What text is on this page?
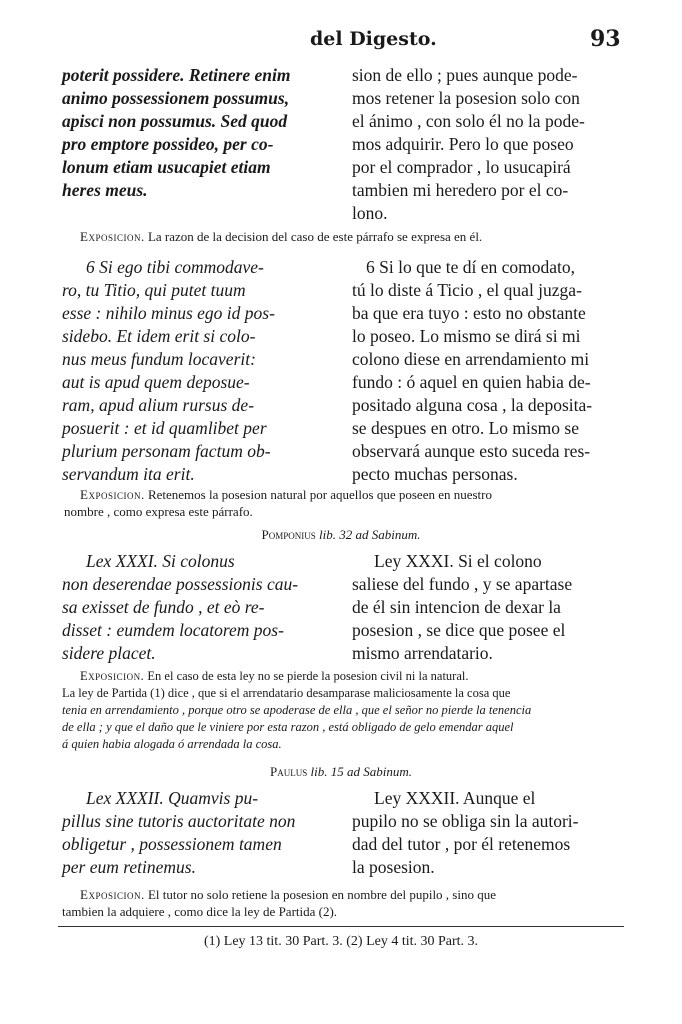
del Digesto.	93

poterit possidere. Retinere enim

animo possessionem possumus,

apisci non possumus. Sed quod

pro emptore possideo, per co-

lonum etiam usucapiet etiam

heres meus.

sion de ello ; pues aunque pode-

mos retener la posesion solo con

el ánimo , con solo él no la pode-

mos adquirir. Pero lo que poseo

por el comprador , lo usucapirá

tambien mi heredero por el co-

lono.

Exposicion. La razon de la decision del caso de este párrafo se expresa en él.

6 Si ego tibi commodave-

ro, tu Titio, qui putet tuum

esse : nihilo minus ego id pos-

sidebo. Et idem erit si colo-

nus meus fundum locaverit:

aut is apud quem deposue-

ram, apud alium rursus de-

posuerit : et id quamlibet per

plurium personam factum ob-

servandum ita erit.

6 Si lo que te dí en comodato,

tú lo diste á Ticio , el qual juzga-

ba que era tuyo : esto no obstante

lo poseo. Lo mismo se dirá si mi

colono diese en arrendamiento mi

fundo : ó aquel en quien habia de-

positado alguna cosa , la deposita-

se despues en otro. Lo mismo se

observará aunque esto suceda res-

pecto muchas personas.

Exposicion. Retenemos la posesion natural por aquellos que poseen en nuestro
nombre , como expresa este párrafo.
Pomponius lib. 32 ad Sabinum.

Lex XXXI. Si colonus

non deserendae possessionis cau-

sa exisset de fundo , et eò re-

disset : eumdem locatorem pos-

sidere placet.

Ley XXXI. Si el colono

saliese del fundo , y se apartase

de él sin intencion de dexar la

posesion , se dice que posee el

mismo arrendatario.

Exposicion. En el caso de esta ley no se pierde la posesion civil ni la natural.
La ley de Partida (1) dice , que si el arrendatario desamparase maliciosamente la cosa que
tenia en arrendamiento , porque otro se apoderase de ella , que el señor no pierde la tenencia
de ella ; y que el daño que le viniere por esta razon , está obligado de gelo emendar aquel
á quien habia alogada ó arrendada la cosa.
Paulus lib. 15 ad Sabinum.

Lex XXXII. Quamvis pu-

pillus sine tutoris auctoritate non

obligetur , possessionem tamen

per eum retinemus.

Ley XXXII. Aunque el

pupilo no se obliga sin la autori-

dad del tutor , por él retenemos

la posesion.

Exposicion. El tutor no solo retiene la posesion en nombre del pupilo , sino que
tambien la adquiere , como dice la ley de Partida (2).
(1) Ley 13 tit. 30 Part. 3. (2) Ley 4 tit. 30 Part. 3.
